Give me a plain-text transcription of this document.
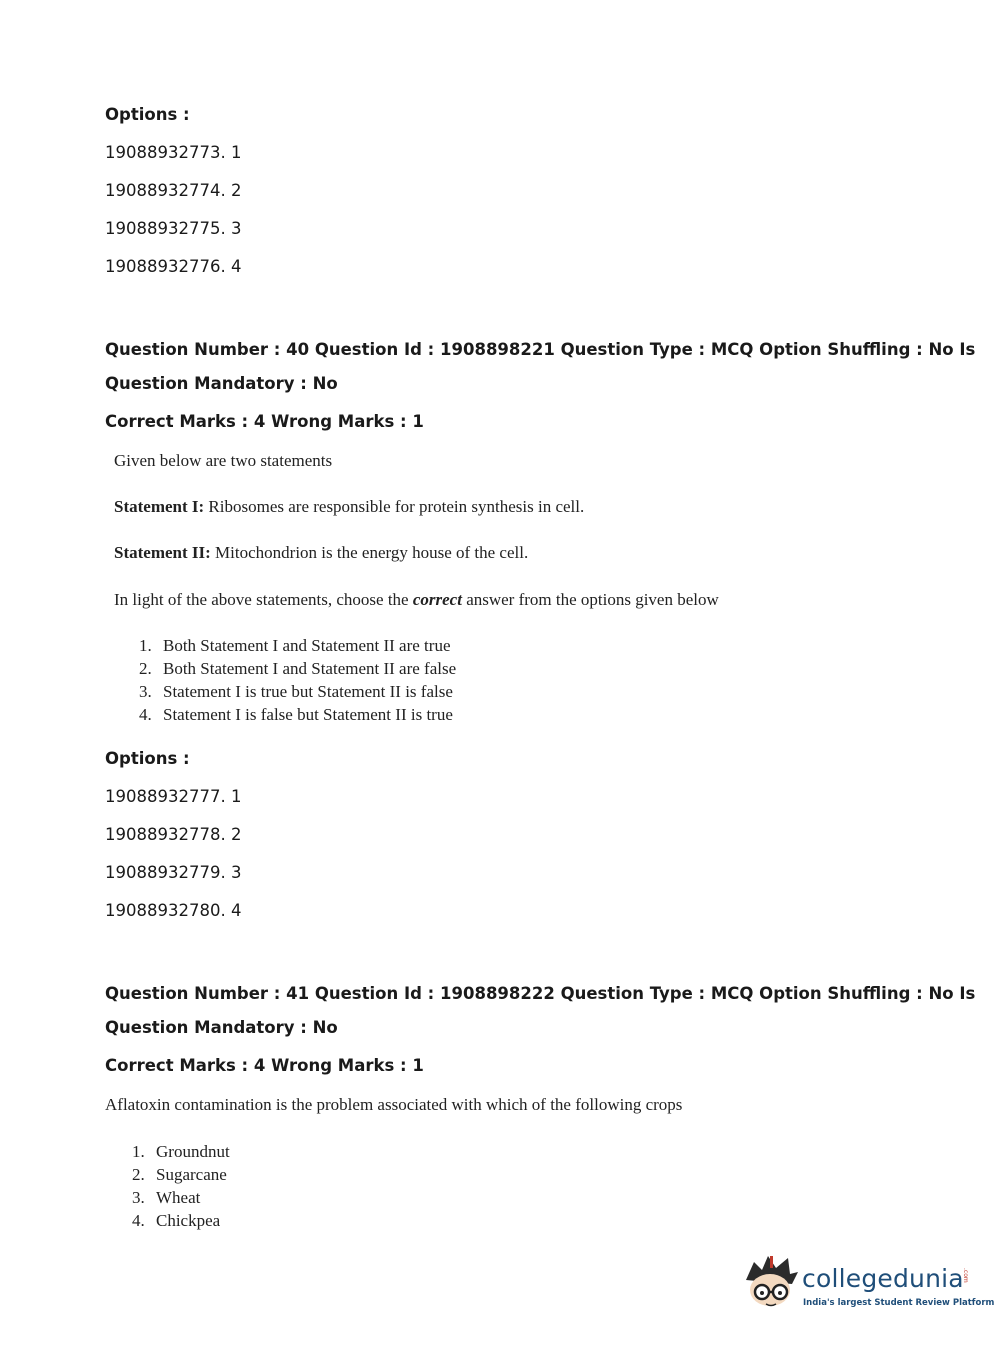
Options :
19088932773. 1
19088932774. 2
19088932775. 3
19088932776. 4
Question Number : 40 Question Id : 1908898221 Question Type : MCQ Option Shuffling : No Is
Question Mandatory : No
Correct Marks : 4 Wrong Marks : 1
Given below are two statements
Statement I: Ribosomes are responsible for protein synthesis in cell.
Statement II: Mitochondrion is the energy house of the cell.
In light of the above statements, choose the correct answer from the options given below
1. Both Statement I and Statement II are true
2. Both Statement I and Statement II are false
3. Statement I is true but Statement II is false
4. Statement I is false but Statement II is true
Options :
19088932777. 1
19088932778. 2
19088932779. 3
19088932780. 4
Question Number : 41 Question Id : 1908898222 Question Type : MCQ Option Shuffling : No Is
Question Mandatory : No
Correct Marks : 4 Wrong Marks : 1
Aflatoxin contamination is the problem associated with which of the following crops
1. Groundnut
2. Sugarcane
3. Wheat
4. Chickpea
collegedunia
.com
India's largest Student Review Platform
